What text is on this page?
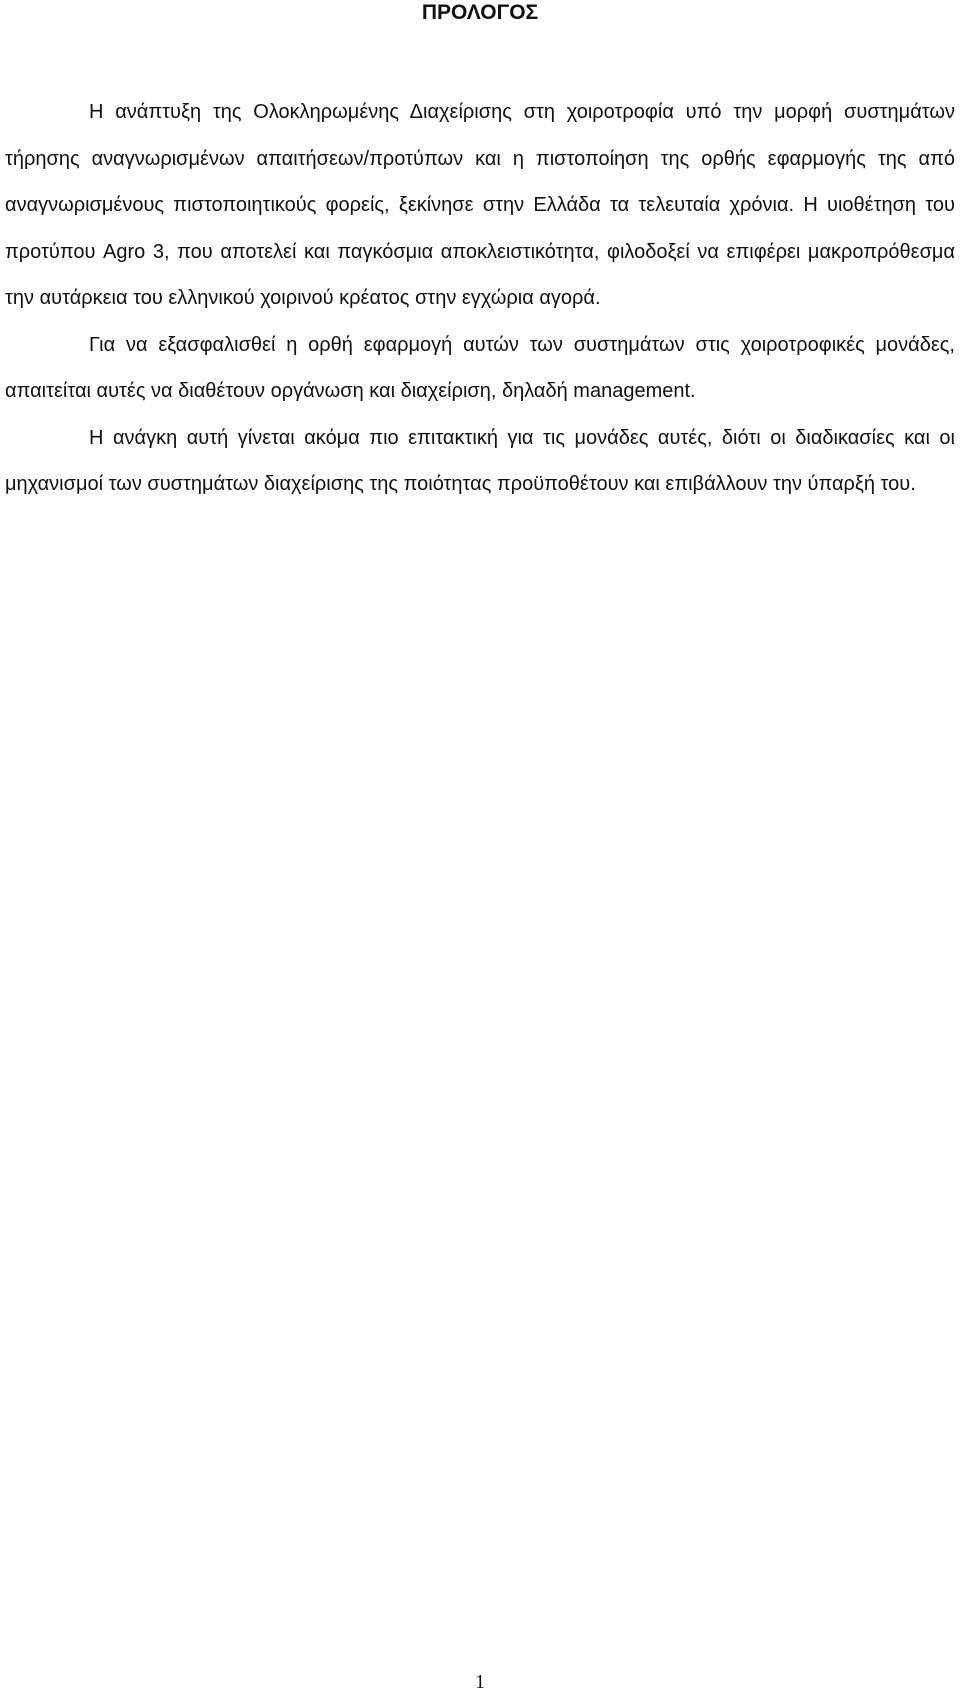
ΠΡΟΛΟΓΟΣ

Η ανάπτυξη της Ολοκληρωμένης Διαχείρισης στη χοιροτροφία υπό την μορφή συστημάτων τήρησης αναγνωρισμένων απαιτήσεων/προτύπων και η πιστοποίηση της ορθής εφαρμογής της από αναγνωρισμένους πιστοποιητικούς φορείς, ξεκίνησε στην Ελλάδα τα τελευταία χρόνια. Η υιοθέτηση του προτύπου Agro 3, που αποτελεί και παγκόσμια αποκλειστικότητα, φιλοδοξεί να επιφέρει μακροπρόθεσμα την αυτάρκεια του ελληνικού χοιρινού κρέατος στην εγχώρια αγορά.

Για να εξασφαλισθεί η ορθή εφαρμογή αυτών των συστημάτων στις χοιροτροφικές μονάδες, απαιτείται αυτές να διαθέτουν οργάνωση και διαχείριση, δηλαδή management.

Η ανάγκη αυτή γίνεται ακόμα πιο επιτακτική για τις μονάδες αυτές, διότι οι διαδικασίες και οι μηχανισμοί των συστημάτων διαχείρισης της ποιότητας προϋποθέτουν και επιβάλλουν την ύπαρξή του.

1
